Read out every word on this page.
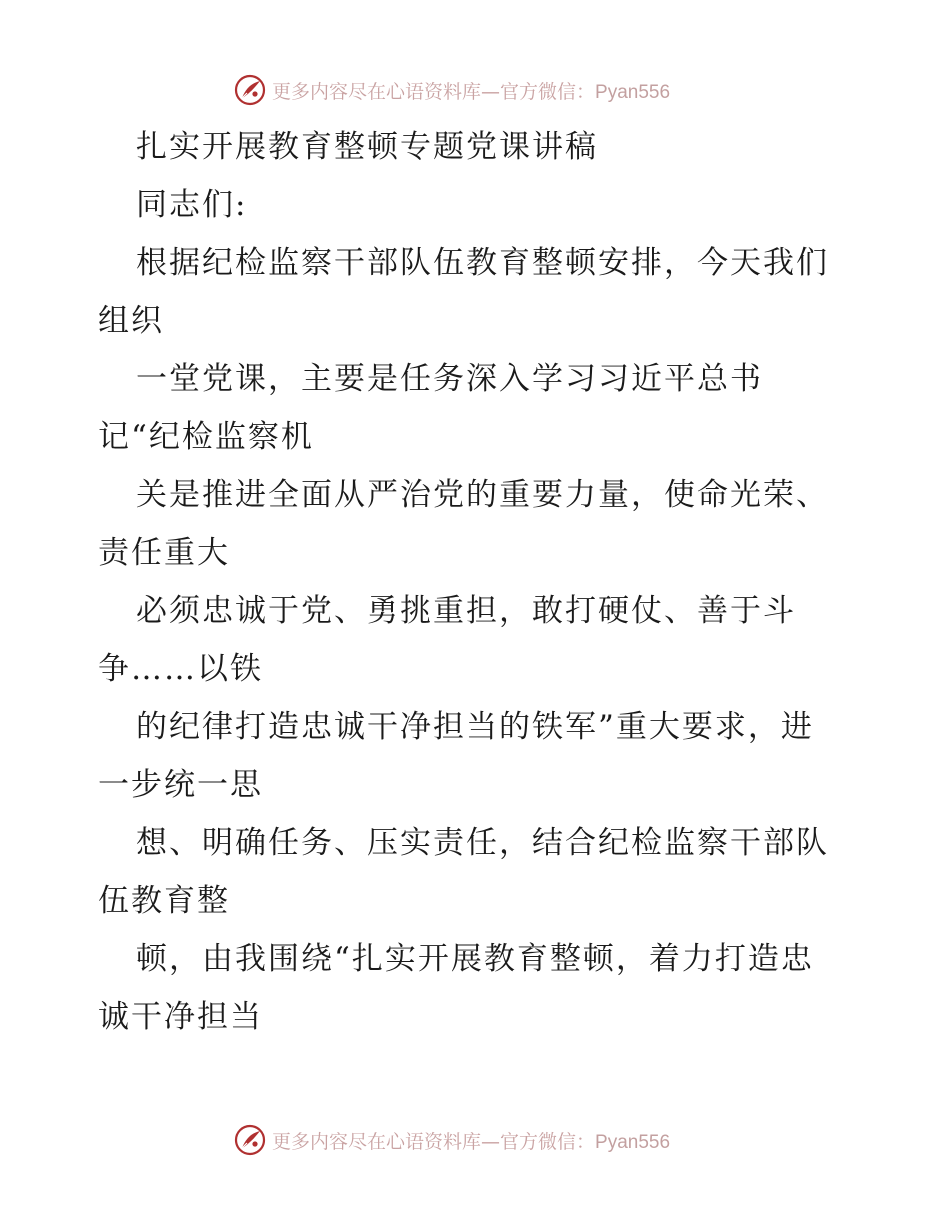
更多内容尽在心语资料库—官方微信：Pyan556
扎实开展教育整顿专题党课讲稿
同志们:
根据纪检监察干部队伍教育整顿安排，今天我们
组织
一堂党课，主要是任务深入学习习近平总书
记“纪检监察机
关是推进全面从严治党的重要力量，使命光荣、
责任重大
必须忠诚于党、勇挑重担，敢打硬仗、善于斗
争……以铁
的纪律打造忠诚干净担当的铁军”重大要求，进
一步统一思
想、明确任务、压实责任，结合纪检监察干部队
伍教育整
顿，由我围绕“扎实开展教育整顿，着力打造忠
诚干净担当
更多内容尽在心语资料库—官方微信：Pyan556
